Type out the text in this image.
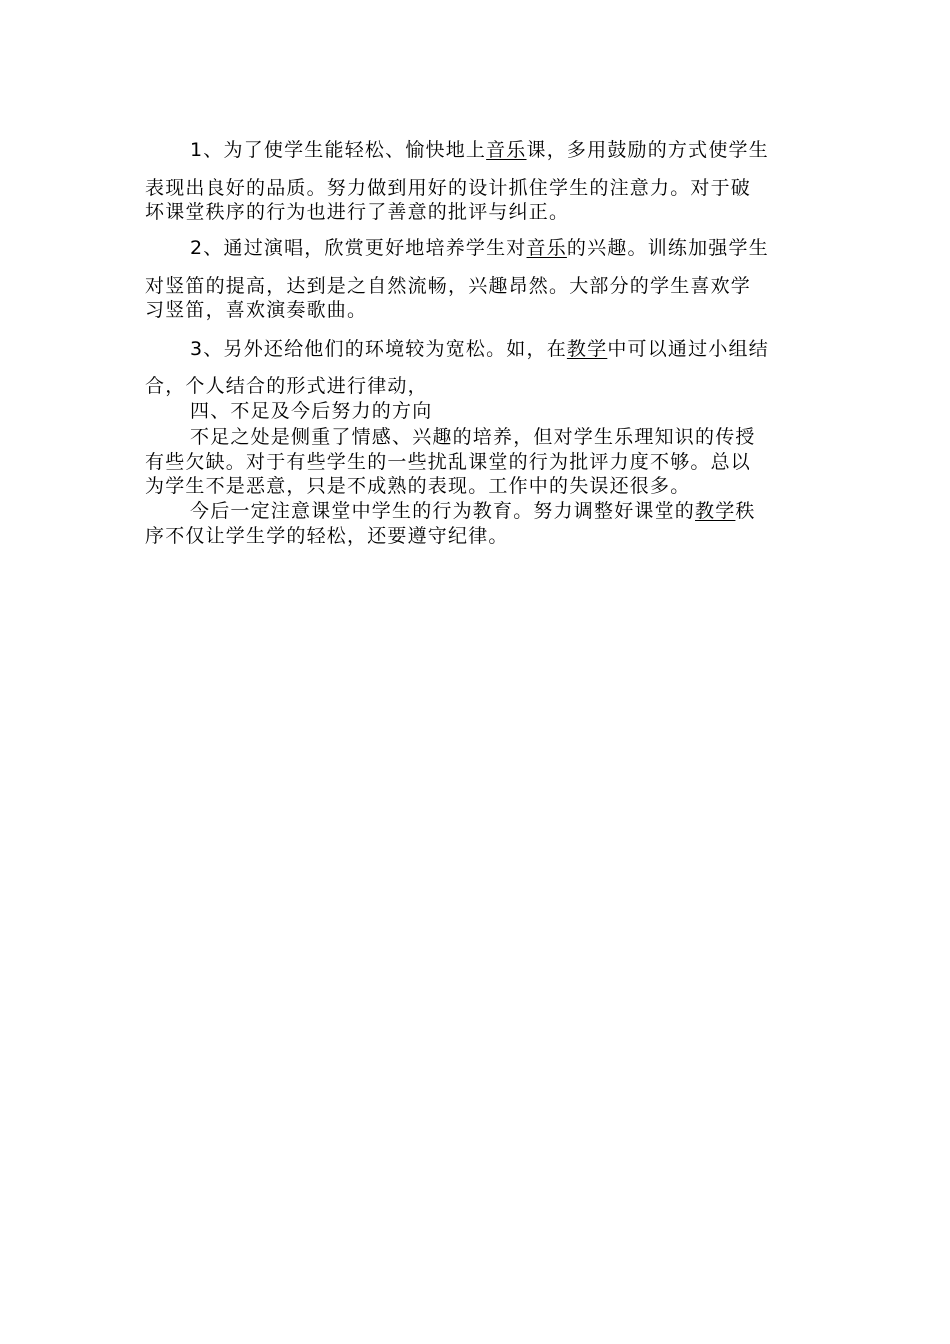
1、为了使学生能轻松、愉快地上音乐课，多用鼓励的方式使学生
表现出良好的品质。努力做到用好的设计抓住学生的注意力。对于破
坏课堂秩序的行为也进行了善意的批评与纠正。
2、通过演唱，欣赏更好地培养学生对音乐的兴趣。训练加强学生
对竖笛的提高，达到是之自然流畅，兴趣昂然。大部分的学生喜欢学
习竖笛，喜欢演奏歌曲。
3、另外还给他们的环境较为宽松。如，在教学中可以通过小组结
合，个人结合的形式进行律动，
四、不足及今后努力的方向
不足之处是侧重了情感、兴趣的培养，但对学生乐理知识的传授
有些欠缺。对于有些学生的一些扰乱课堂的行为批评力度不够。总以
为学生不是恶意，只是不成熟的表现。工作中的失误还很多。
今后一定注意课堂中学生的行为教育。努力调整好课堂的教学秩
序不仅让学生学的轻松，还要遵守纪律。
